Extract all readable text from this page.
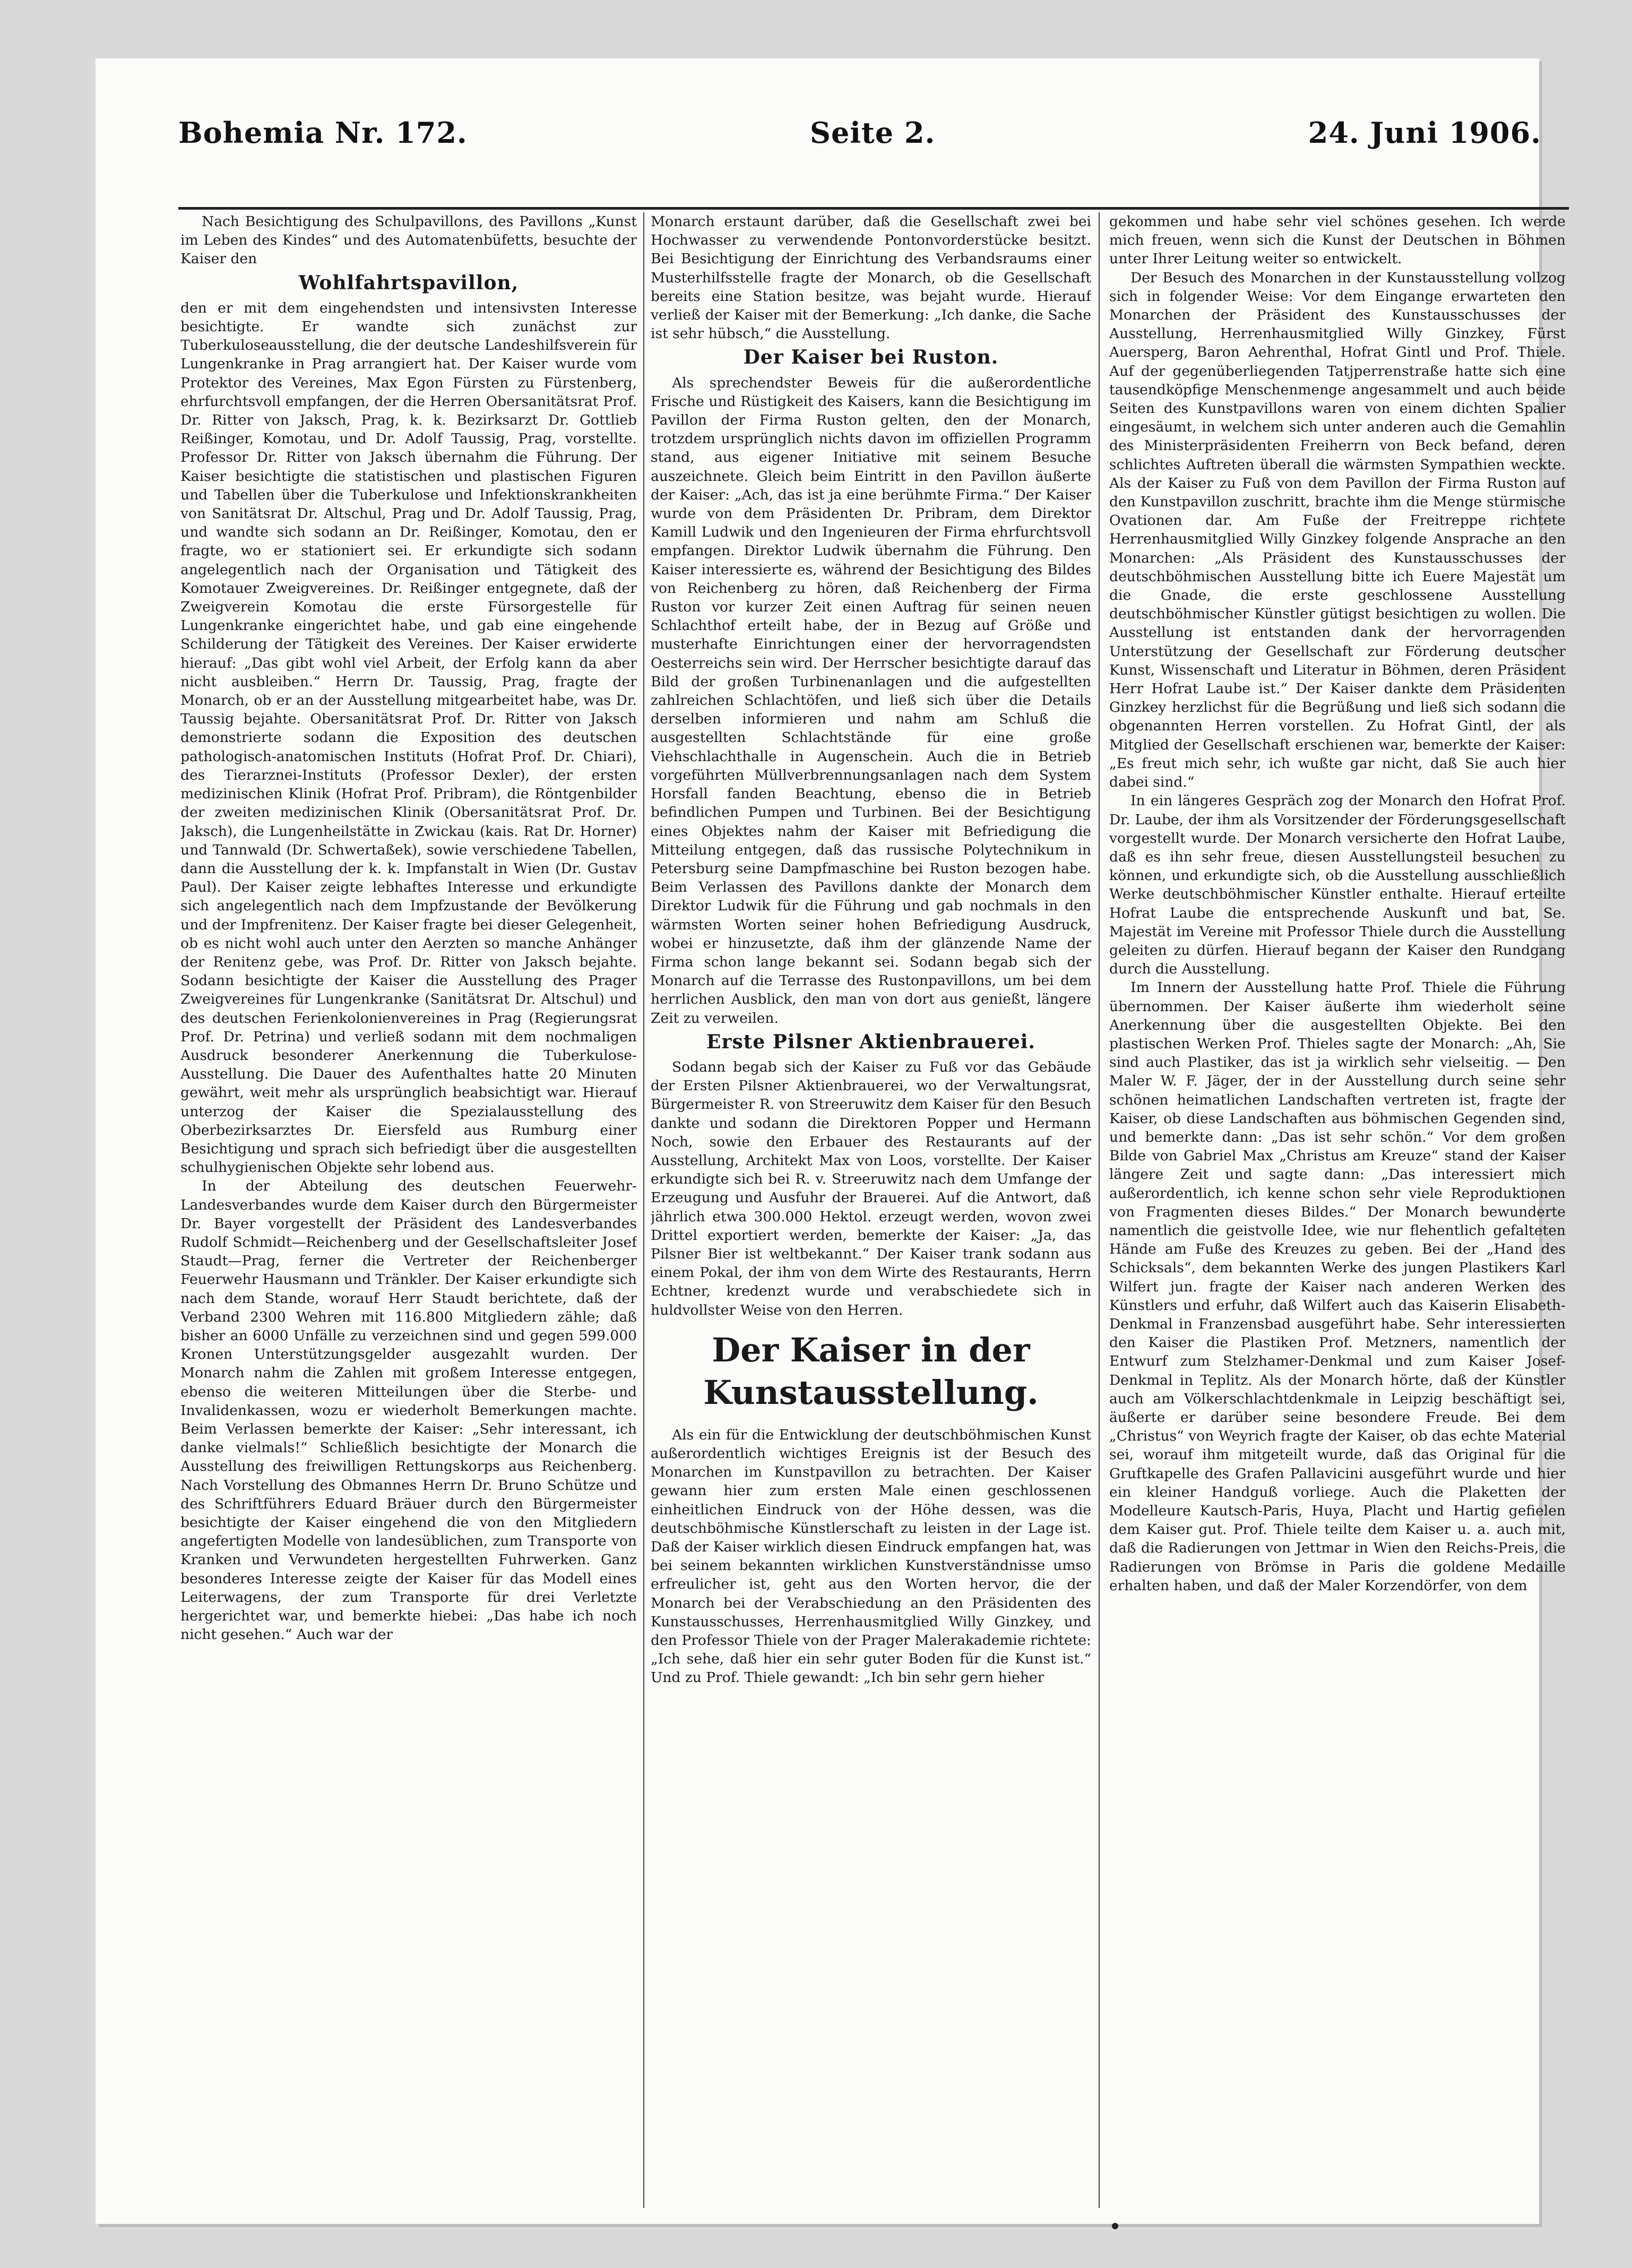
Bohemia Nr. 172.	Seite 2.	24. Juni 1906.

Nach Besichtigung des Schulpavillons, des Pavillons „Kunst im Leben des Kindes“ und des Automatenbüfetts, besuchte der Kaiser den

Wohlfahrtspavillon,

den er mit dem eingehendsten und intensivsten Interesse besichtigte. Er wandte sich zunächst zur Tuberkuloseausstellung, die der deutsche Landeshilfsverein für Lungenkranke in Prag arrangiert hat. Der Kaiser wurde vom Protektor des Vereines, Max Egon Fürsten zu Fürstenberg, ehrfurchtsvoll empfangen, der die Herren Obersanitätsrat Prof. Dr. Ritter von Jaksch, Prag, k. k. Bezirksarzt Dr. Gottlieb Reißinger, Komotau, und Dr. Adolf Taussig, Prag, vorstellte. Professor Dr. Ritter von Jaksch übernahm die Führung. Der Kaiser besichtigte die statistischen und plastischen Figuren und Tabellen über die Tuberkulose und Infektionskrankheiten von Sanitätsrat Dr. Altschul, Prag und Dr. Adolf Taussig, Prag, und wandte sich sodann an Dr. Reißinger, Komotau, den er fragte, wo er stationiert sei. Er erkundigte sich sodann angelegentlich nach der Organisation und Tätigkeit des Komotauer Zweigvereines. Dr. Reißinger entgegnete, daß der Zweigverein Komotau die erste Fürsorgestelle für Lungenkranke eingerichtet habe, und gab eine eingehende Schilderung der Tätigkeit des Vereines. Der Kaiser erwiderte hierauf: „Das gibt wohl viel Arbeit, der Erfolg kann da aber nicht ausbleiben.“ Herrn Dr. Taussig, Prag, fragte der Monarch, ob er an der Ausstellung mitgearbeitet habe, was Dr. Taussig bejahte. Obersanitätsrat Prof. Dr. Ritter von Jaksch demonstrierte sodann die Exposition des deutschen pathologisch-anatomischen Instituts (Hofrat Prof. Dr. Chiari), des Tierarznei-Instituts (Professor Dexler), der ersten medizinischen Klinik (Hofrat Prof. Pribram), die Röntgenbilder der zweiten medizinischen Klinik (Obersanitätsrat Prof. Dr. Jaksch), die Lungenheilstätte in Zwickau (kais. Rat Dr. Horner) und Tannwald (Dr. Schwertaßek), sowie verschiedene Tabellen, dann die Ausstellung der k. k. Impfanstalt in Wien (Dr. Gustav Paul). Der Kaiser zeigte lebhaftes Interesse und erkundigte sich angelegentlich nach dem Impfzustande der Bevölkerung und der Impfrenitenz. Der Kaiser fragte bei dieser Gelegenheit, ob es nicht wohl auch unter den Aerzten so manche Anhänger der Renitenz gebe, was Prof. Dr. Ritter von Jaksch bejahte. Sodann besichtigte der Kaiser die Ausstellung des Prager Zweigvereines für Lungenkranke (Sanitätsrat Dr. Altschul) und des deutschen Ferienkolonienvereines in Prag (Regierungsrat Prof. Dr. Petrina) und verließ sodann mit dem nochmaligen Ausdruck besonderer Anerkennung die Tuberkulose-Ausstellung. Die Dauer des Aufenthaltes hatte 20 Minuten gewährt, weit mehr als ursprünglich beabsichtigt war. Hierauf unterzog der Kaiser die Spezialausstellung des Oberbezirksarztes Dr. Eiersfeld aus Rumburg einer Besichtigung und sprach sich befriedigt über die ausgestellten schulhygienischen Objekte sehr lobend aus.

In der Abteilung des deutschen Feuerwehr-Landesverbandes wurde dem Kaiser durch den Bürgermeister Dr. Bayer vorgestellt der Präsident des Landesverbandes Rudolf Schmidt—Reichenberg und der Gesellschaftsleiter Josef Staudt—Prag, ferner die Vertreter der Reichenberger Feuerwehr Hausmann und Tränkler. Der Kaiser erkundigte sich nach dem Stande, worauf Herr Staudt berichtete, daß der Verband 2300 Wehren mit 116.800 Mitgliedern zähle; daß bisher an 6000 Unfälle zu verzeichnen sind und gegen 599.000 Kronen Unterstützungsgelder ausgezahlt wurden. Der Monarch nahm die Zahlen mit großem Interesse entgegen, ebenso die weiteren Mitteilungen über die Sterbe- und Invalidenkassen, wozu er wiederholt Bemerkungen machte. Beim Verlassen bemerkte der Kaiser: „Sehr interessant, ich danke vielmals!“ Schließlich besichtigte der Monarch die Ausstellung des freiwilligen Rettungskorps aus Reichenberg. Nach Vorstellung des Obmannes Herrn Dr. Bruno Schütze und des Schriftführers Eduard Bräuer durch den Bürgermeister besichtigte der Kaiser eingehend die von den Mitgliedern angefertigten Modelle von landesüblichen, zum Transporte von Kranken und Verwundeten hergestellten Fuhrwerken. Ganz besonderes Interesse zeigte der Kaiser für das Modell eines Leiterwagens, der zum Transporte für drei Verletzte hergerichtet war, und bemerkte hiebei: „Das habe ich noch nicht gesehen.“ Auch war der

Monarch erstaunt darüber, daß die Gesellschaft zwei bei Hochwasser zu verwendende Pontonvorderstücke besitzt. Bei Besichtigung der Einrichtung des Verbandsraums einer Musterhilfsstelle fragte der Monarch, ob die Gesellschaft bereits eine Station besitze, was bejaht wurde. Hierauf verließ der Kaiser mit der Bemerkung: „Ich danke, die Sache ist sehr hübsch,“ die Ausstellung.

Der Kaiser bei Ruston.

Als sprechendster Beweis für die außerordentliche Frische und Rüstigkeit des Kaisers, kann die Besichtigung im Pavillon der Firma Ruston gelten, den der Monarch, trotzdem ursprünglich nichts davon im offiziellen Programm stand, aus eigener Initiative mit seinem Besuche auszeichnete. Gleich beim Eintritt in den Pavillon äußerte der Kaiser: „Ach, das ist ja eine berühmte Firma.“ Der Kaiser wurde von dem Präsidenten Dr. Pribram, dem Direktor Kamill Ludwik und den Ingenieuren der Firma ehrfurchtsvoll empfangen. Direktor Ludwik übernahm die Führung. Den Kaiser interessierte es, während der Besichtigung des Bildes von Reichenberg zu hören, daß Reichenberg der Firma Ruston vor kurzer Zeit einen Auftrag für seinen neuen Schlachthof erteilt habe, der in Bezug auf Größe und musterhafte Einrichtungen einer der hervorragendsten Oesterreichs sein wird. Der Herrscher besichtigte darauf das Bild der großen Turbinenanlagen und die aufgestellten zahlreichen Schlachtöfen, und ließ sich über die Details derselben informieren und nahm am Schluß die ausgestellten Schlachtstände für eine große Viehschlachthalle in Augenschein. Auch die in Betrieb vorgeführten Müllverbrennungsanlagen nach dem System Horsfall fanden Beachtung, ebenso die in Betrieb befindlichen Pumpen und Turbinen. Bei der Besichtigung eines Objektes nahm der Kaiser mit Befriedigung die Mitteilung entgegen, daß das russische Polytechnikum in Petersburg seine Dampfmaschine bei Ruston bezogen habe. Beim Verlassen des Pavillons dankte der Monarch dem Direktor Ludwik für die Führung und gab nochmals in den wärmsten Worten seiner hohen Befriedigung Ausdruck, wobei er hinzusetzte, daß ihm der glänzende Name der Firma schon lange bekannt sei. Sodann begab sich der Monarch auf die Terrasse des Rustonpavillons, um bei dem herrlichen Ausblick, den man von dort aus genießt, längere Zeit zu verweilen.

Erste Pilsner Aktienbrauerei.

Sodann begab sich der Kaiser zu Fuß vor das Gebäude der Ersten Pilsner Aktienbrauerei, wo der Verwaltungsrat, Bürgermeister R. von Streeruwitz dem Kaiser für den Besuch dankte und sodann die Direktoren Popper und Hermann Noch, sowie den Erbauer des Restaurants auf der Ausstellung, Architekt Max von Loos, vorstellte. Der Kaiser erkundigte sich bei R. v. Streeruwitz nach dem Umfange der Erzeugung und Ausfuhr der Brauerei. Auf die Antwort, daß jährlich etwa 300.000 Hektol. erzeugt werden, wovon zwei Drittel exportiert werden, bemerkte der Kaiser: „Ja, das Pilsner Bier ist weltbekannt.“ Der Kaiser trank sodann aus einem Pokal, der ihm von dem Wirte des Restaurants, Herrn Echtner, kredenzt wurde und verabschiedete sich in huldvollster Weise von den Herren.

Der Kaiser in der Kunstausstellung.

Als ein für die Entwicklung der deutschböhmischen Kunst außerordentlich wichtiges Ereignis ist der Besuch des Monarchen im Kunstpavillon zu betrachten. Der Kaiser gewann hier zum ersten Male einen geschlossenen einheitlichen Eindruck von der Höhe dessen, was die deutschböhmische Künstlerschaft zu leisten in der Lage ist. Daß der Kaiser wirklich diesen Eindruck empfangen hat, was bei seinem bekannten wirklichen Kunstverständnisse umso erfreulicher ist, geht aus den Worten hervor, die der Monarch bei der Verabschiedung an den Präsidenten des Kunstausschusses, Herrenhausmitglied Willy Ginzkey, und den Professor Thiele von der Prager Malerakademie richtete: „Ich sehe, daß hier ein sehr guter Boden für die Kunst ist.“ Und zu Prof. Thiele gewandt: „Ich bin sehr gern hieher

gekommen und habe sehr viel schönes gesehen. Ich werde mich freuen, wenn sich die Kunst der Deutschen in Böhmen unter Ihrer Leitung weiter so entwickelt.

Der Besuch des Monarchen in der Kunstausstellung vollzog sich in folgender Weise: Vor dem Eingange erwarteten den Monarchen der Präsident des Kunstausschusses der Ausstellung, Herrenhausmitglied Willy Ginzkey, Fürst Auersperg, Baron Aehrenthal, Hofrat Gintl und Prof. Thiele. Auf der gegenüberliegenden Tatjperrenstraße hatte sich eine tausendköpfige Menschenmenge angesammelt und auch beide Seiten des Kunstpavillons waren von einem dichten Spalier eingesäumt, in welchem sich unter anderen auch die Gemahlin des Ministerpräsidenten Freiherrn von Beck befand, deren schlichtes Auftreten überall die wärmsten Sympathien weckte. Als der Kaiser zu Fuß von dem Pavillon der Firma Ruston auf den Kunstpavillon zuschritt, brachte ihm die Menge stürmische Ovationen dar. Am Fuße der Freitreppe richtete Herrenhausmitglied Willy Ginzkey folgende Ansprache an den Monarchen: „Als Präsident des Kunstausschusses der deutschböhmischen Ausstellung bitte ich Euere Majestät um die Gnade, die erste geschlossene Ausstellung deutschböhmischer Künstler gütigst besichtigen zu wollen. Die Ausstellung ist entstanden dank der hervorragenden Unterstützung der Gesellschaft zur Förderung deutscher Kunst, Wissenschaft und Literatur in Böhmen, deren Präsident Herr Hofrat Laube ist.“ Der Kaiser dankte dem Präsidenten Ginzkey herzlichst für die Begrüßung und ließ sich sodann die obgenannten Herren vorstellen. Zu Hofrat Gintl, der als Mitglied der Gesellschaft erschienen war, bemerkte der Kaiser: „Es freut mich sehr, ich wußte gar nicht, daß Sie auch hier dabei sind.“

In ein längeres Gespräch zog der Monarch den Hofrat Prof. Dr. Laube, der ihm als Vorsitzender der Förderungsgesellschaft vorgestellt wurde. Der Monarch versicherte den Hofrat Laube, daß es ihn sehr freue, diesen Ausstellungsteil besuchen zu können, und erkundigte sich, ob die Ausstellung ausschließlich Werke deutschböhmischer Künstler enthalte. Hierauf erteilte Hofrat Laube die entsprechende Auskunft und bat, Se. Majestät im Vereine mit Professor Thiele durch die Ausstellung geleiten zu dürfen. Hierauf begann der Kaiser den Rundgang durch die Ausstellung.

Im Innern der Ausstellung hatte Prof. Thiele die Führung übernommen. Der Kaiser äußerte ihm wiederholt seine Anerkennung über die ausgestellten Objekte. Bei den plastischen Werken Prof. Thieles sagte der Monarch: „Ah, Sie sind auch Plastiker, das ist ja wirklich sehr vielseitig. — Den Maler W. F. Jäger, der in der Ausstellung durch seine sehr schönen heimatlichen Landschaften vertreten ist, fragte der Kaiser, ob diese Landschaften aus böhmischen Gegenden sind, und bemerkte dann: „Das ist sehr schön.“ Vor dem großen Bilde von Gabriel Max „Christus am Kreuze“ stand der Kaiser längere Zeit und sagte dann: „Das interessiert mich außerordentlich, ich kenne schon sehr viele Reproduktionen von Fragmenten dieses Bildes.“ Der Monarch bewunderte namentlich die geistvolle Idee, wie nur flehentlich gefalteten Hände am Fuße des Kreuzes zu geben. Bei der „Hand des Schicksals“, dem bekannten Werke des jungen Plastikers Karl Wilfert jun. fragte der Kaiser nach anderen Werken des Künstlers und erfuhr, daß Wilfert auch das Kaiserin Elisabeth-Denkmal in Franzensbad ausgeführt habe. Sehr interessierten den Kaiser die Plastiken Prof. Metzners, namentlich der Entwurf zum Stelzhamer-Denkmal und zum Kaiser Josef-Denkmal in Teplitz. Als der Monarch hörte, daß der Künstler auch am Völkerschlachtdenkmale in Leipzig beschäftigt sei, äußerte er darüber seine besondere Freude. Bei dem „Christus“ von Weyrich fragte der Kaiser, ob das echte Material sei, worauf ihm mitgeteilt wurde, daß das Original für die Gruftkapelle des Grafen Pallavicini ausgeführt wurde und hier ein kleiner Handguß vorliege. Auch die Plaketten der Modelleure Kautsch-Paris, Huya, Placht und Hartig gefielen dem Kaiser gut. Prof. Thiele teilte dem Kaiser u. a. auch mit, daß die Radierungen von Jettmar in Wien den Reichs-Preis, die Radierungen von Brömse in Paris die goldene Medaille erhalten haben, und daß der Maler Korzendörfer, von dem
